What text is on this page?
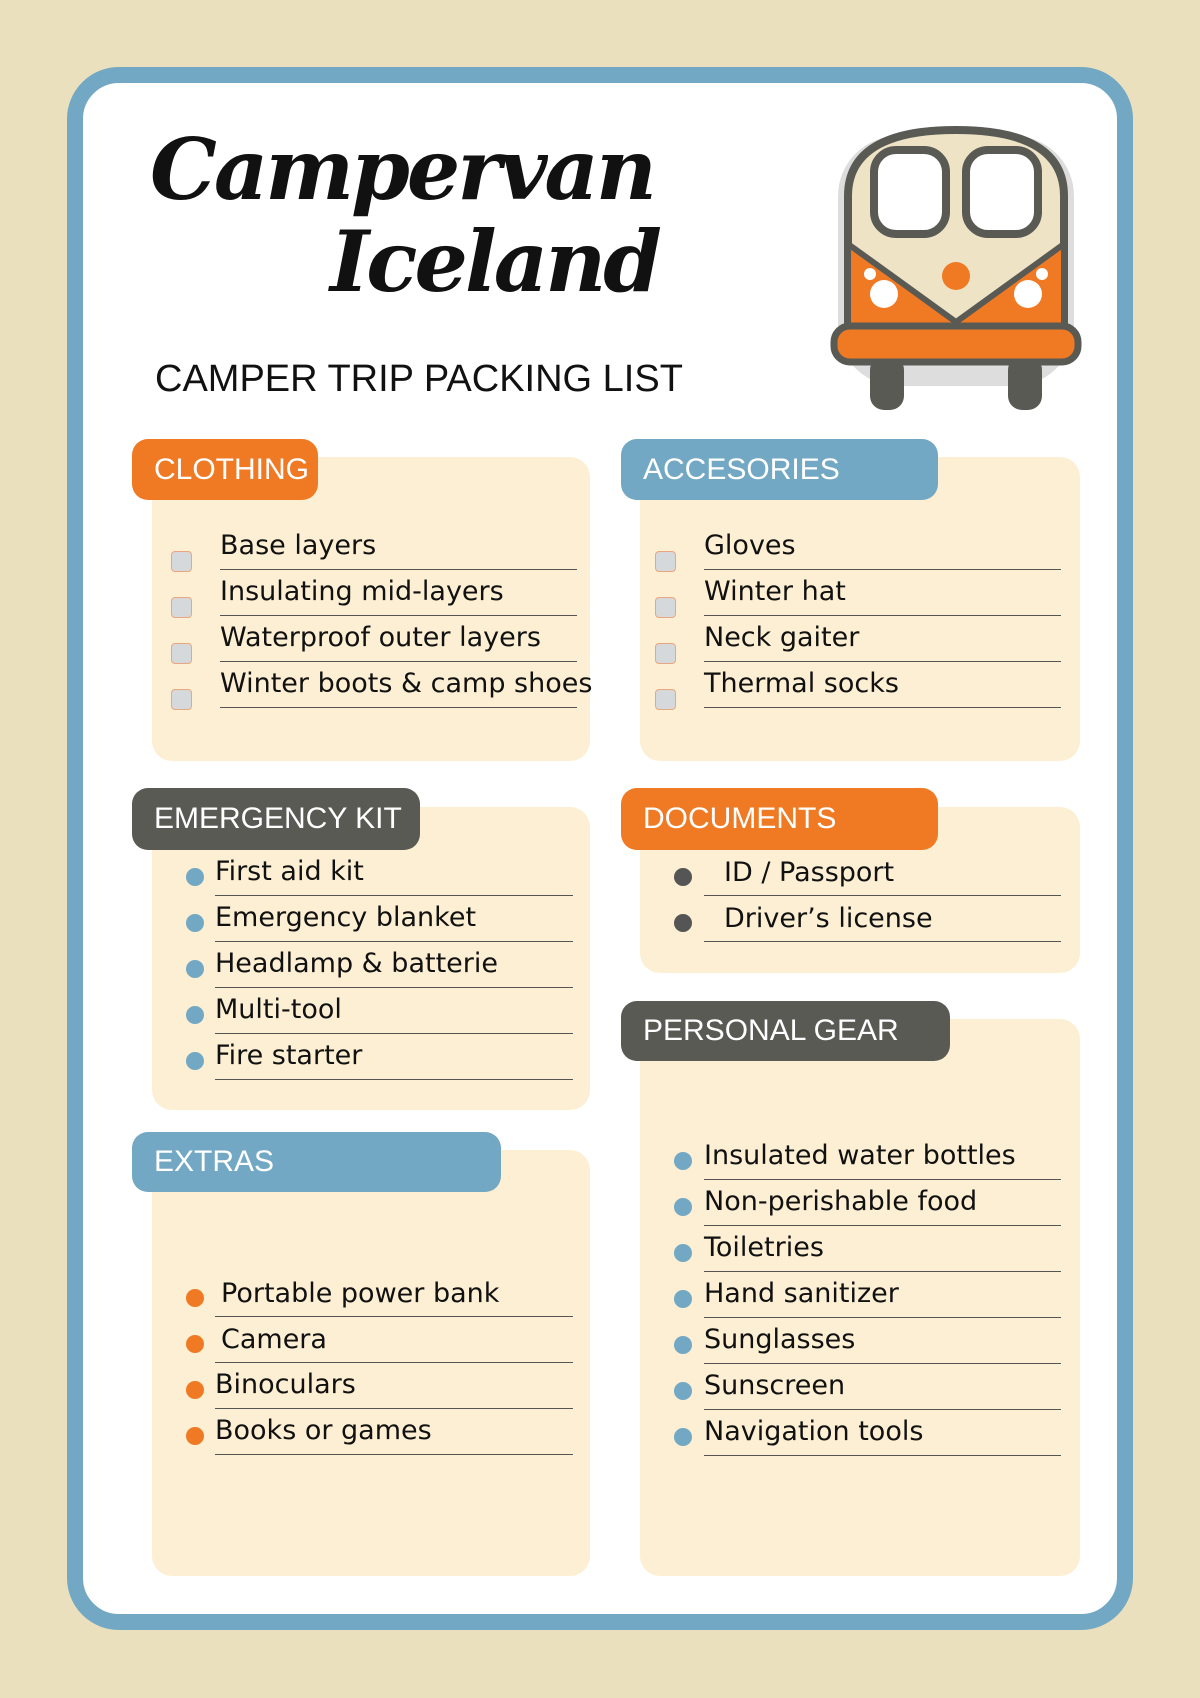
Campervan
Iceland
CAMPER TRIP PACKING LIST
CLOTHING
Base layers
Insulating mid-layers
Waterproof outer layers
Winter boots & camp shoes
ACCESORIES
Gloves
Winter hat
Neck gaiter
Thermal socks
EMERGENCY KIT
First aid kit
Emergency blanket
Headlamp & batterie
Multi-tool
Fire starter
DOCUMENTS
ID / Passport
Driver’s license
PERSONAL GEAR
Insulated water bottles
Non-perishable food
Toiletries
Hand sanitizer
Sunglasses
Sunscreen
Navigation tools
EXTRAS
Portable power bank
Camera
Binoculars
Books or games
